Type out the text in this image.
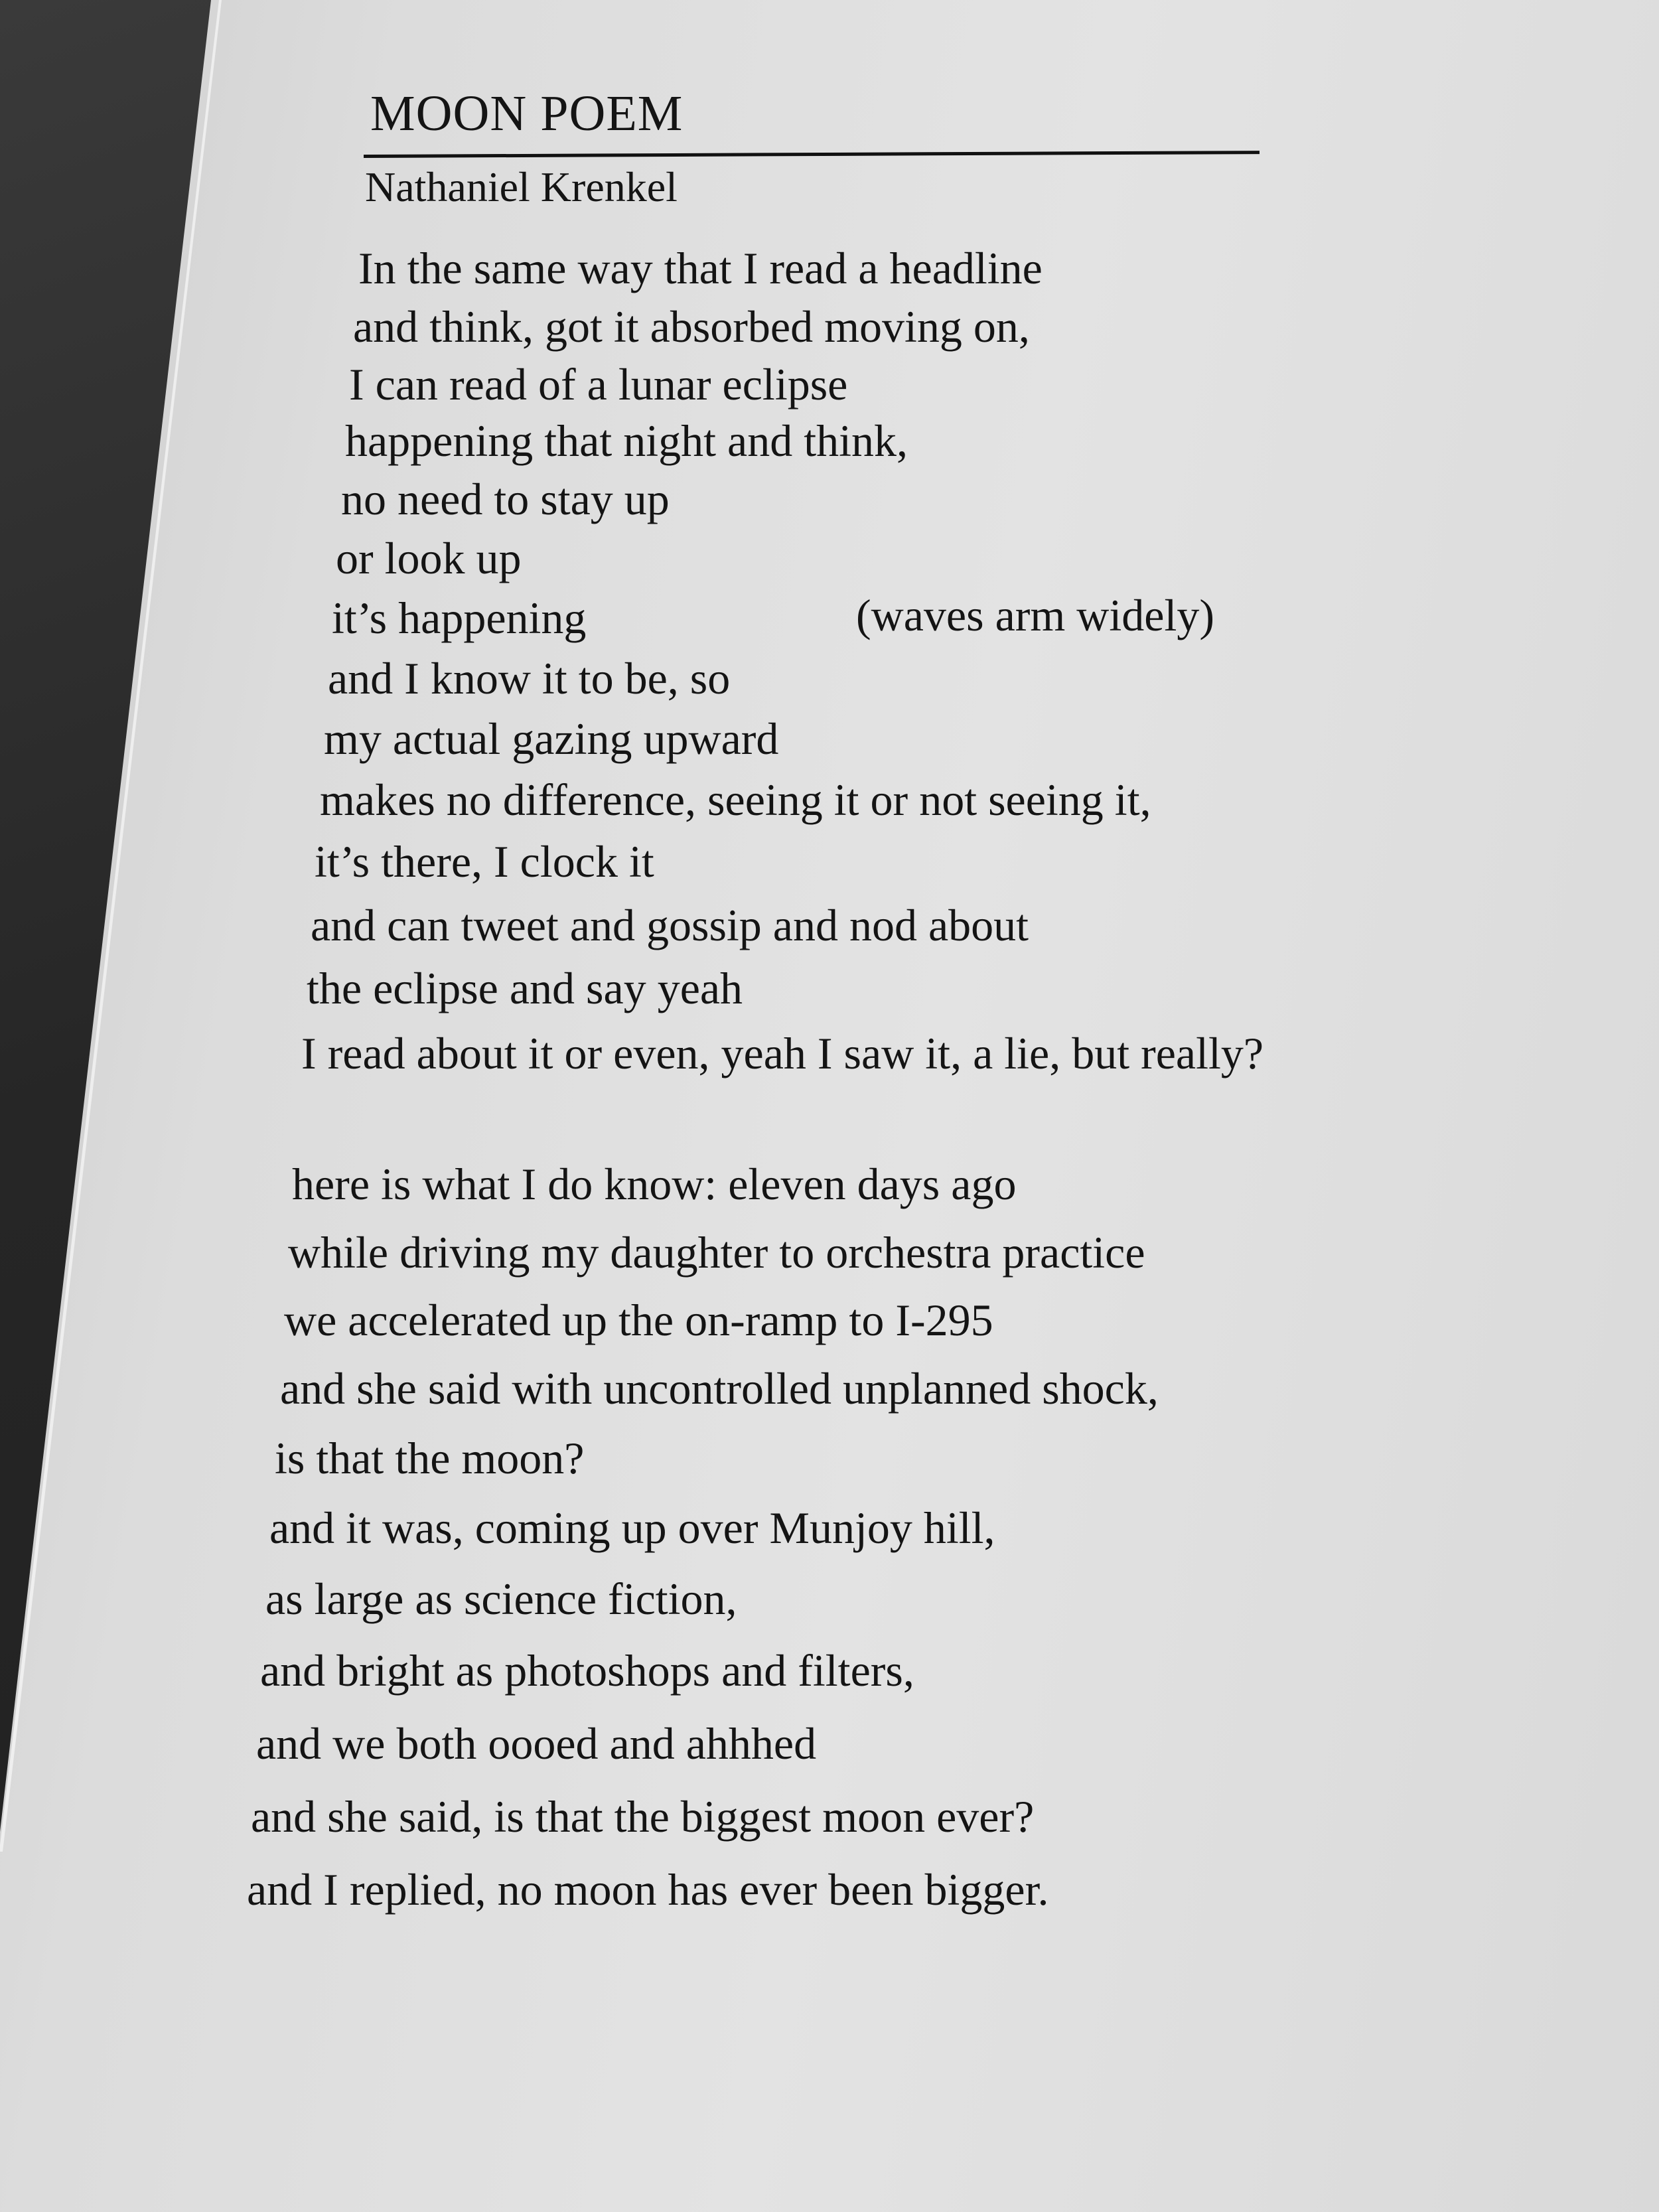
MOON POEM

Nathaniel Krenkel

In the same way that I read a headline
and think, got it absorbed moving on,
I can read of a lunar eclipse
happening that night and think,
no need to stay up
or look up
it’s happening
and I know it to be, so
my actual gazing upward
makes no difference, seeing it or not seeing it,
it’s there, I clock it
and can tweet and gossip and nod about
the eclipse and say yeah
I read about it or even, yeah I saw it, a lie, but really?
(waves arm widely)
here is what I do know: eleven days ago
while driving my daughter to orchestra practice
we accelerated up the on-ramp to I-295
and she said with uncontrolled unplanned shock,
is that the moon?
and it was, coming up over Munjoy hill,
as large as science fiction,
and bright as photoshops and filters,
and we both oooed and ahhhed
and she said, is that the biggest moon ever?
and I replied, no moon has ever been bigger.
